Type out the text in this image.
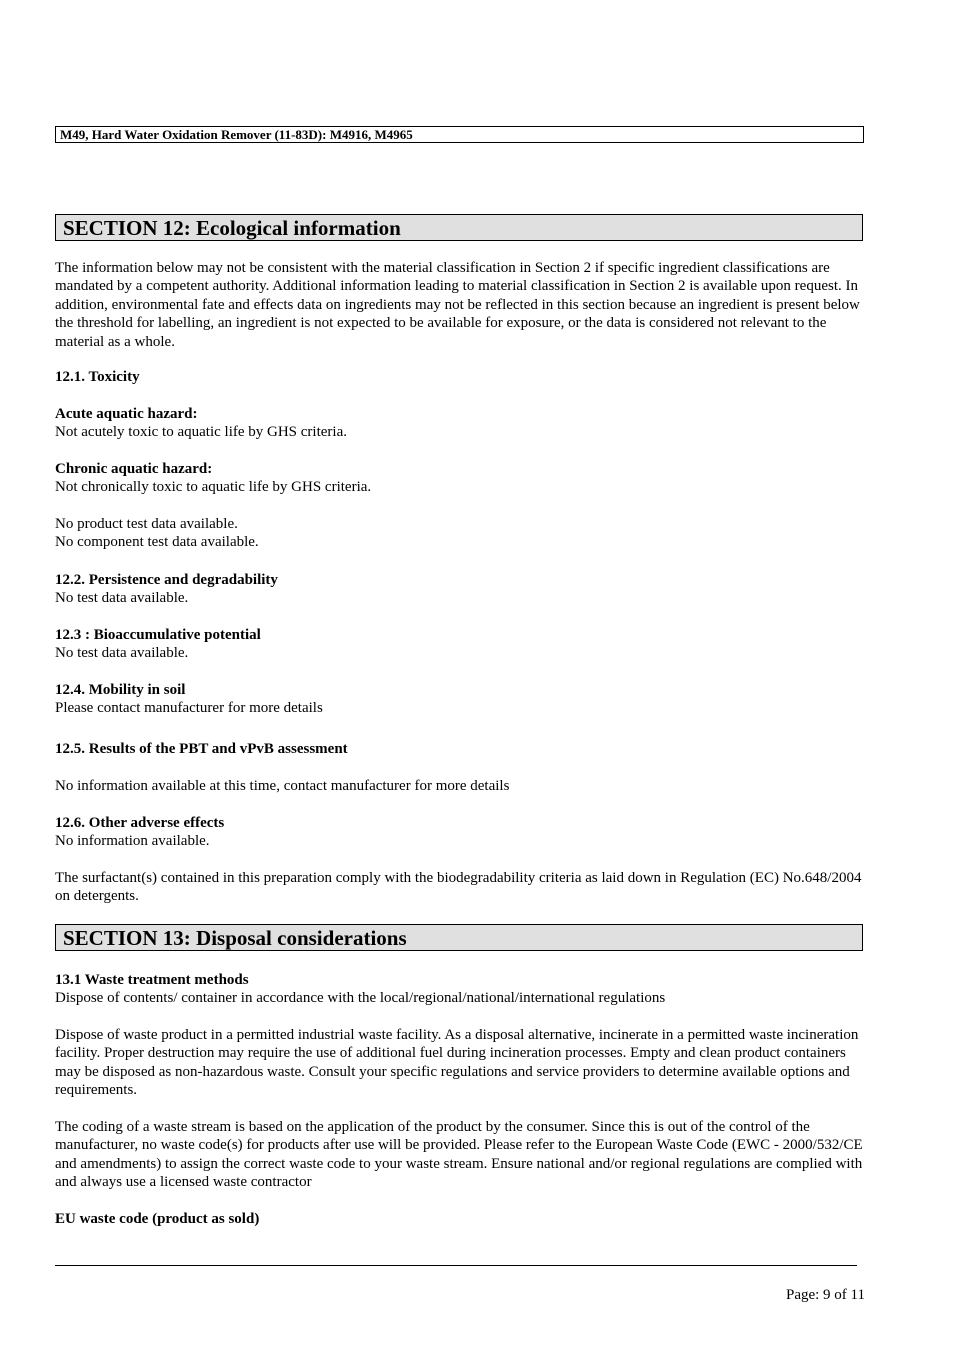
M49, Hard Water Oxidation Remover (11-83D): M4916, M4965
SECTION 12: Ecological information

The information below may not be consistent with the material classification in Section 2 if specific ingredient classifications are mandated by a competent authority. Additional information leading to material classification in Section 2 is available upon request. In addition, environmental fate and effects data on ingredients may not be reflected in this section because an ingredient is present below the threshold for labelling, an ingredient is not expected to be available for exposure, or the data is considered not relevant to the material as a whole.

12.1. Toxicity

Acute aquatic hazard:

Not acutely toxic to aquatic life by GHS criteria.

Chronic aquatic hazard:

Not chronically toxic to aquatic life by GHS criteria.

No product test data available.

No component test data available.

12.2. Persistence and degradability

No test data available.

12.3 : Bioaccumulative potential

No test data available.

12.4. Mobility in soil

Please contact manufacturer for more details

12.5. Results of the PBT and vPvB assessment

No information available at this time, contact manufacturer for more details

12.6. Other adverse effects

No information available.

The surfactant(s) contained in this preparation comply with the biodegradability criteria as laid down in Regulation (EC) No.648/2004 on detergents.

SECTION 13: Disposal considerations

13.1 Waste treatment methods

Dispose of contents/ container in accordance with the local/regional/national/international regulations

Dispose of waste product in a permitted industrial waste facility. As a disposal alternative, incinerate in a permitted waste incineration facility. Proper destruction may require the use of additional fuel during incineration processes. Empty and clean product containers may be disposed as non-hazardous waste. Consult your specific regulations and service providers to determine available options and requirements.

The coding of a waste stream is based on the application of the product by the consumer. Since this is out of the control of the manufacturer, no waste code(s) for products after use will be provided. Please refer to the European Waste Code (EWC - 2000/532/CE and amendments) to assign the correct waste code to your waste stream. Ensure national and/or regional regulations are complied with and always use a licensed waste contractor

EU waste code (product as sold)

Page: 9 of 11
